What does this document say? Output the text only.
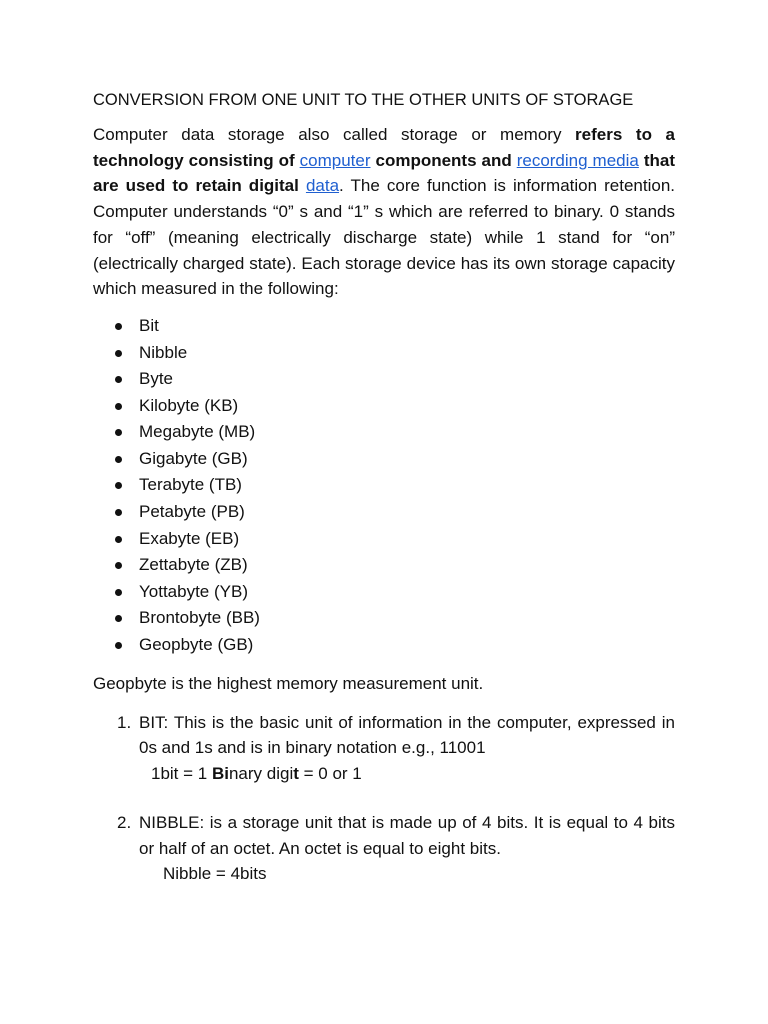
CONVERSION FROM ONE UNIT TO THE OTHER UNITS OF STORAGE

Computer data storage also called storage or memory refers to a technology consisting of computer components and recording media that are used to retain digital data. The core function is information retention. Computer understands “0” s and “1” s which are referred to binary. 0 stands for “off” (meaning electrically discharge state) while 1 stand for “on” (electrically charged state). Each storage device has its own storage capacity which measured in the following:

Bit
Nibble
Byte
Kilobyte (KB)
Megabyte (MB)
Gigabyte (GB)
Terabyte (TB)
Petabyte (PB)
Exabyte (EB)
Zettabyte (ZB)
Yottabyte (YB)
Brontobyte (BB)
Geopbyte (GB)

Geopbyte is the highest memory measurement unit.

1. BIT: This is the basic unit of information in the computer, expressed in 0s and 1s and is in binary notation e.g., 11001
1bit = 1 Binary digit = 0 or 1
2. NIBBLE: is a storage unit that is made up of 4 bits. It is equal to 4 bits or half of an octet. An octet is equal to eight bits.
Nibble = 4bits
